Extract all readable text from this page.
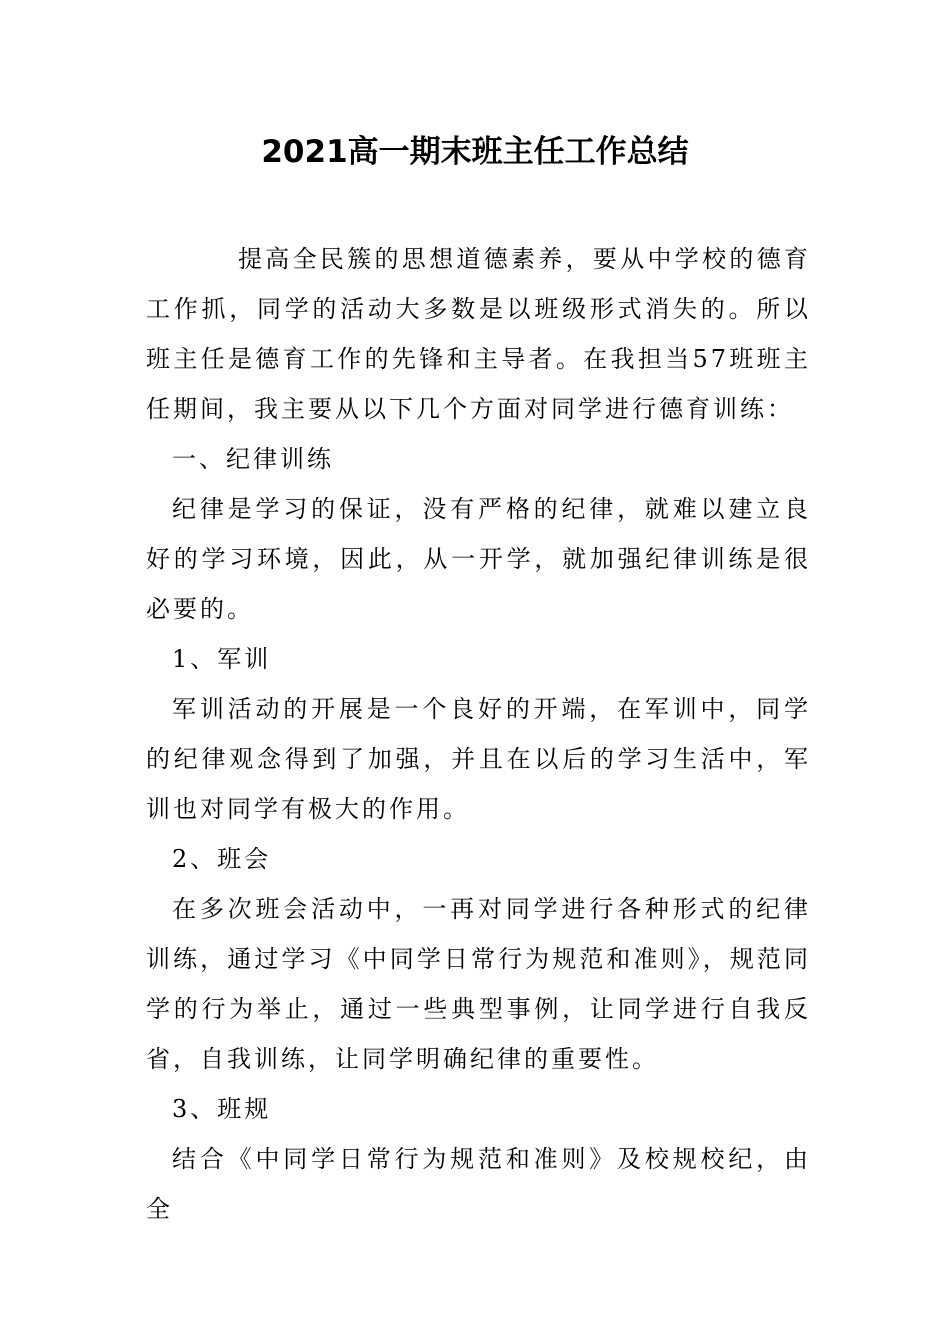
2021高一期末班主任工作总结

提高全民簇的思想道德素养，要从中学校的德育工作抓，同学的活动大多数是以班级形式消失的。所以班主任是德育工作的先锋和主导者。在我担当57班班主任期间，我主要从以下几个方面对同学进行德育训练：

一、纪律训练

纪律是学习的保证，没有严格的纪律，就难以建立良好的学习环境，因此，从一开学，就加强纪律训练是很必要的。

1、军训

军训活动的开展是一个良好的开端，在军训中，同学的纪律观念得到了加强，并且在以后的学习生活中，军训也对同学有极大的作用。

2、班会

在多次班会活动中，一再对同学进行各种形式的纪律训练，通过学习《中同学日常行为规范和准则》，规范同学的行为举止，通过一些典型事例，让同学进行自我反省，自我训练，让同学明确纪律的重要性。

3、班规

结合《中同学日常行为规范和准则》及校规校纪，由全
